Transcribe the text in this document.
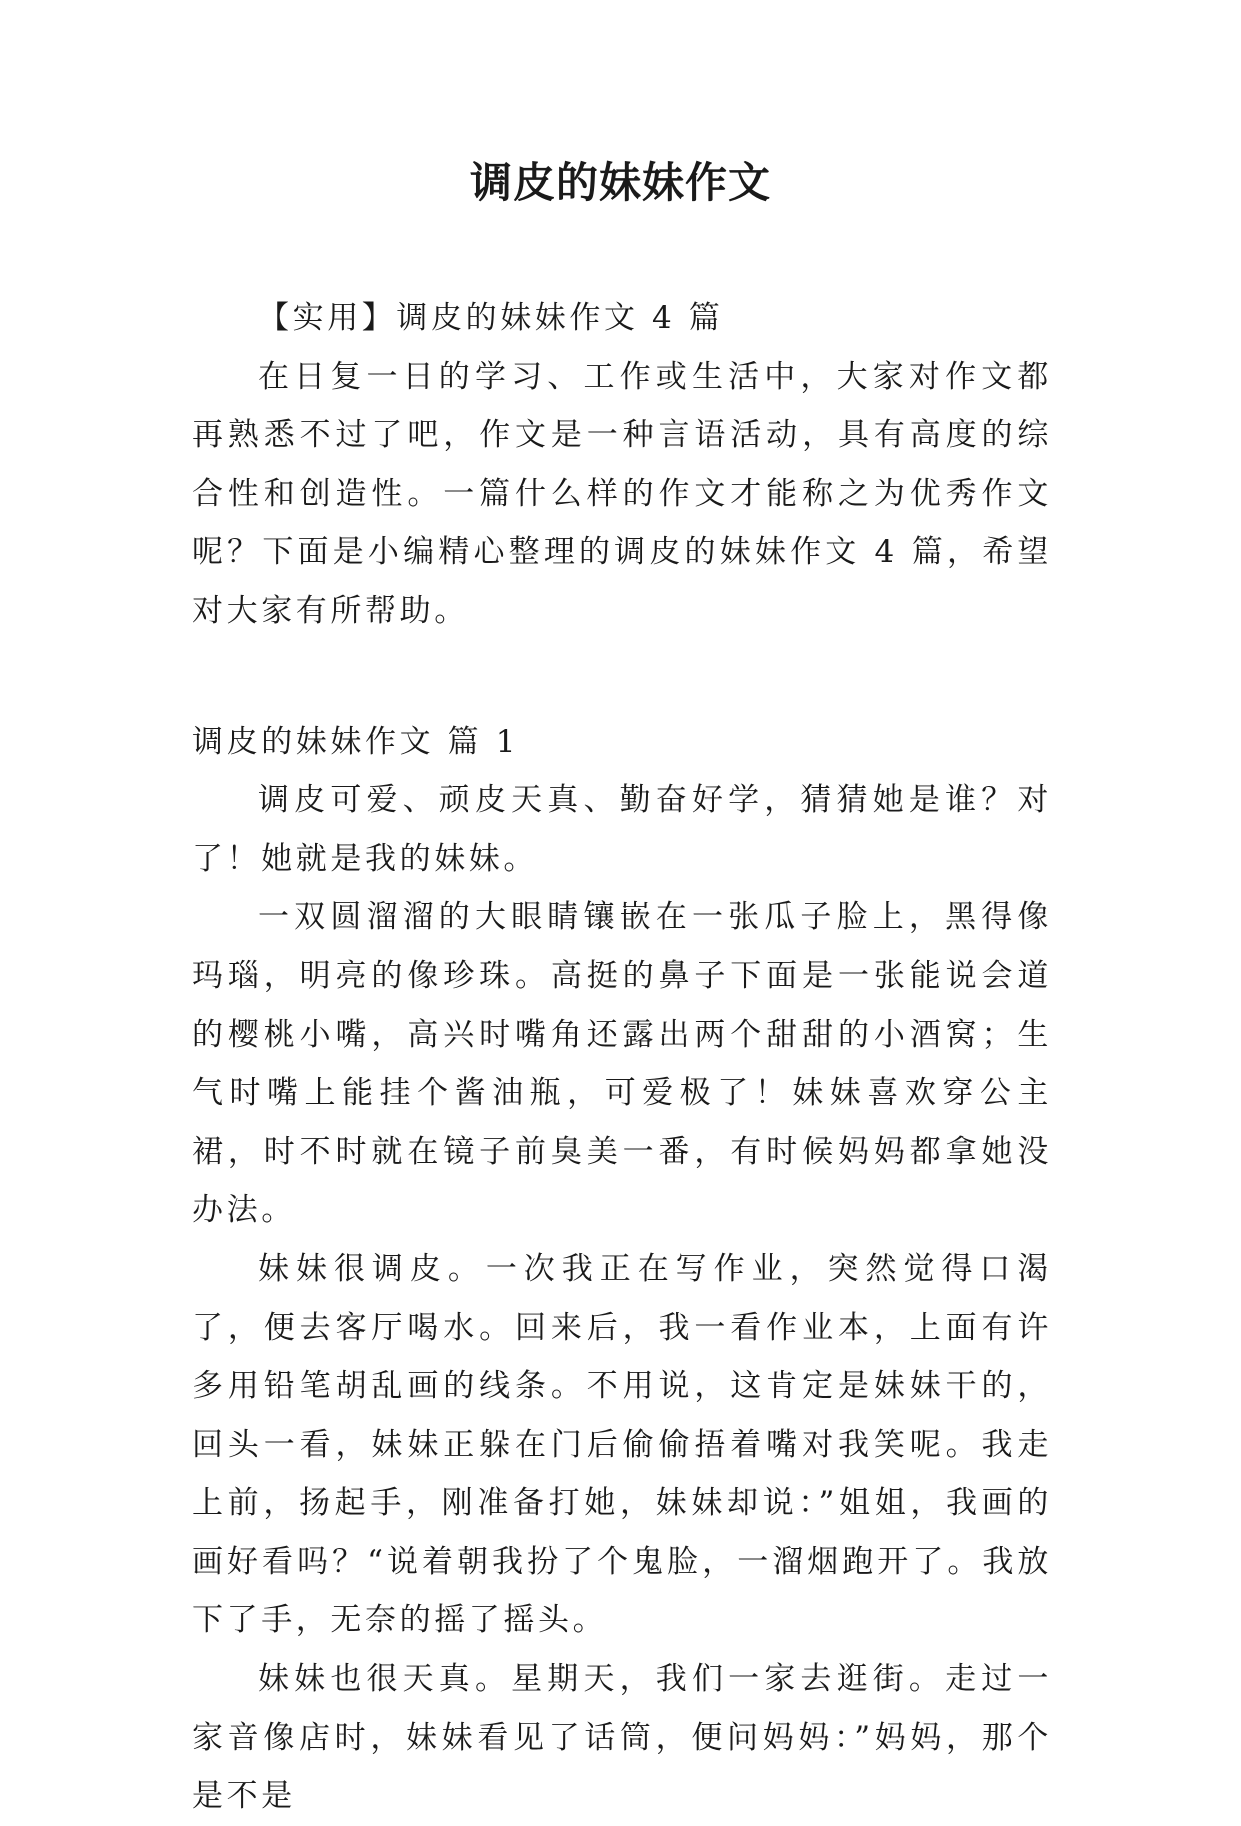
调皮的妹妹作文

【实用】调皮的妹妹作文 4 篇

在日复一日的学习、工作或生活中，大家对作文都再熟悉不过了吧，作文是一种言语活动，具有高度的综合性和创造性。一篇什么样的作文才能称之为优秀作文呢？下面是小编精心整理的调皮的妹妹作文 4 篇，希望对大家有所帮助。

调皮的妹妹作文 篇 1

调皮可爱、顽皮天真、勤奋好学，猜猜她是谁？对了！她就是我的妹妹。

一双圆溜溜的大眼睛镶嵌在一张瓜子脸上，黑得像玛瑙，明亮的像珍珠。高挺的鼻子下面是一张能说会道的樱桃小嘴，高兴时嘴角还露出两个甜甜的小酒窝；生气时嘴上能挂个酱油瓶，可爱极了！妹妹喜欢穿公主裙，时不时就在镜子前臭美一番，有时候妈妈都拿她没办法。

妹妹很调皮。一次我正在写作业，突然觉得口渴了，便去客厅喝水。回来后，我一看作业本，上面有许多用铅笔胡乱画的线条。不用说，这肯定是妹妹干的，回头一看，妹妹正躲在门后偷偷捂着嘴对我笑呢。我走上前，扬起手，刚准备打她，妹妹却说：”姐姐，我画的画好看吗？“说着朝我扮了个鬼脸，一溜烟跑开了。我放下了手，无奈的摇了摇头。

妹妹也很天真。星期天，我们一家去逛街。走过一家音像店时，妹妹看见了话筒，便问妈妈：”妈妈，那个是不是
